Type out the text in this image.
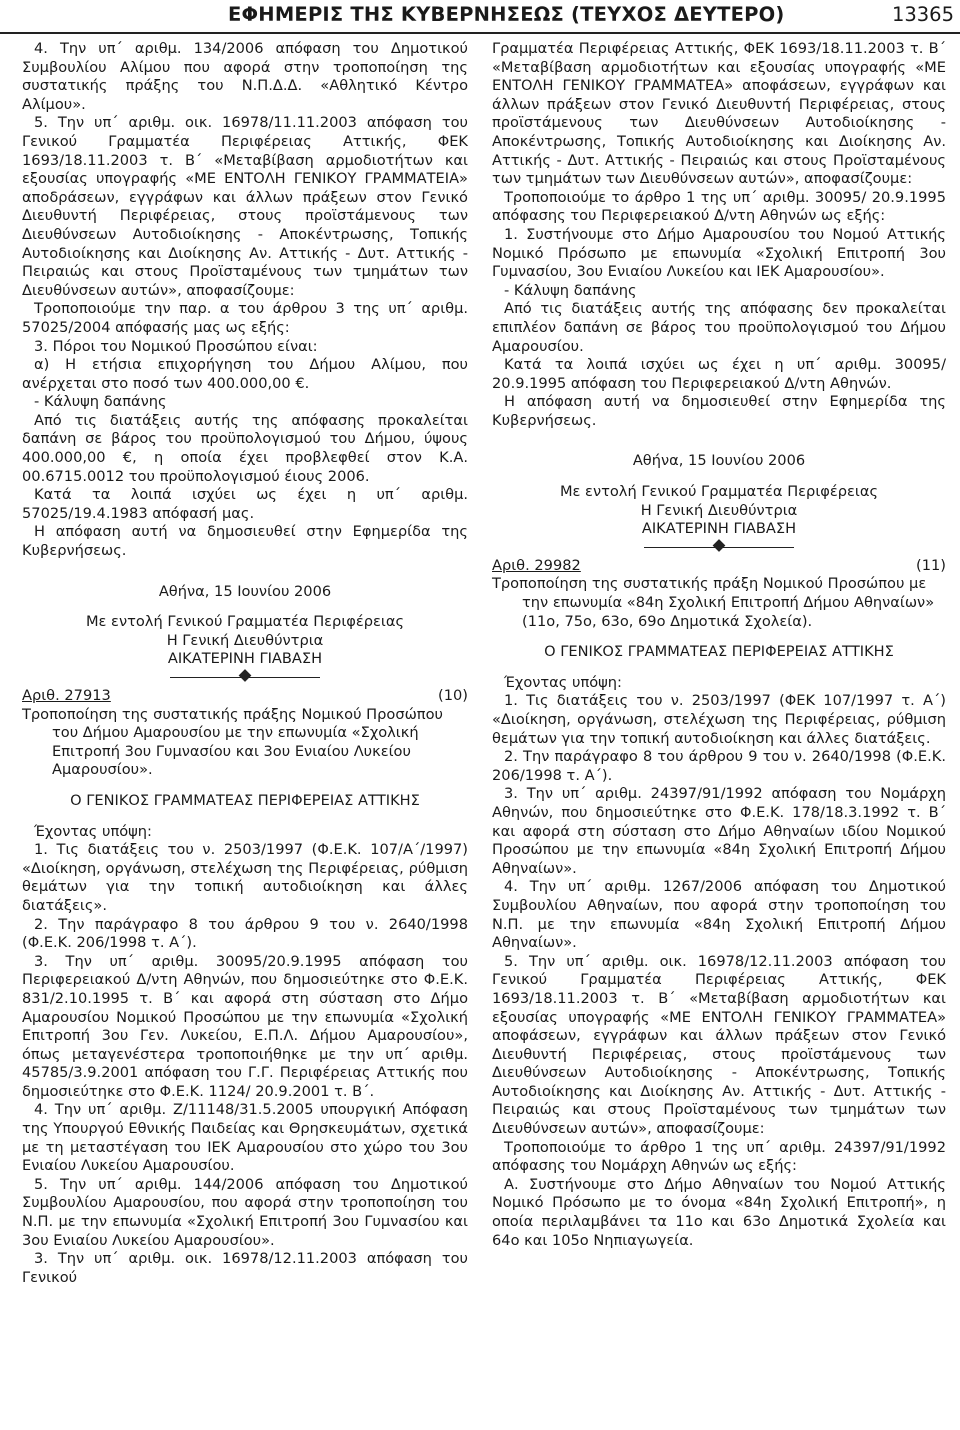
ΕΦΗΜΕΡΙΣ ΤΗΣ ΚΥΒΕΡΝΗΣΕΩΣ (ΤΕΥΧΟΣ ΔΕΥΤΕΡΟ)	13365

4. Την υπ΄ αριθμ. 134/2006 απόφαση του Δημοτικού Συμβουλίου Αλίμου που αφορά στην τροποποίηση της συστατικής πράξης του Ν.Π.Δ.Δ. «Αθλητικό Κέντρο Αλίμου».

5. Την υπ΄ αριθμ. οικ. 16978/11.11.2003 απόφαση του Γενικού Γραμματέα Περιφέρειας Αττικής, ΦΕΚ 1693/18.11.2003 τ. Β΄ «Μεταβίβαση αρμοδιοτήτων και εξουσίας υπογραφής «ΜΕ ΕΝΤΟΛΗ ΓΕΝΙΚΟΥ ΓΡΑΜΜΑΤΕΙΑ» αποδράσεων, εγγράφων και άλλων πράξεων στον Γενικό Διευθυντή Περιφέρειας, στους προϊστάμενους των Διευθύνσεων Αυτοδιοίκησης - Αποκέντρωσης, Τοπικής Αυτοδιοίκησης και Διοίκησης Αν. Αττικής - Δυτ. Αττικής - Πειραιώς και στους Προϊσταμένους των τμημάτων των Διευθύνσεων αυτών», αποφασίζουμε:

Τροποποιούμε την παρ. α του άρθρου 3 της υπ΄ αριθμ. 57025/2004 απόφασής μας ως εξής:

3. Πόροι του Νομικού Προσώπου είναι:

α) Η ετήσια επιχορήγηση του Δήμου Αλίμου, που ανέρχεται στο ποσό των 400.000,00 €.

- Κάλυψη δαπάνης

Από τις διατάξεις αυτής της απόφασης προκαλείται δαπάνη σε βάρος του προϋπολογισμού του Δήμου, ύψους 400.000,00 €, η οποία έχει προβλεφθεί στον Κ.Α. 00.6715.0012 του προϋπολογισμού έιους 2006.

Κατά τα λοιπά ισχύει ως έχει η υπ΄ αριθμ. 57025/19.4.1983 απόφασή μας.

Η απόφαση αυτή να δημοσιευθεί στην Εφημερίδα της Κυβερνήσεως.

Αθήνα, 15 Ιουνίου 2006

Με εντολή Γενικού Γραμματέα Περιφέρειας

Η Γενική Διευθύντρια

ΑΙΚΑΤΕΡΙΝΗ ΓΙΑΒΑΣΗ

Αριθ. 27913	(10)

Τροποποίηση της συστατικής πράξης Νομικού Προσώπου του Δήμου Αμαρουσίου με την επωνυμία «Σχολική Επιτροπή 3ου Γυμνασίου και 3ου Ενιαίου Λυκείου Αμαρουσίου».

Ο ΓΕΝΙΚΟΣ ΓΡΑΜΜΑΤΕΑΣ ΠΕΡΙΦΕΡΕΙΑΣ ΑΤΤΙΚΗΣ

Έχοντας υπόψη:

1. Τις διατάξεις του ν. 2503/1997 (Φ.Ε.Κ. 107/Α΄/1997) «Διοίκηση, οργάνωση, στελέχωση της Περιφέρειας, ρύθμιση θεμάτων για την τοπική αυτοδιοίκηση και άλλες διατάξεις».

2. Την παράγραφο 8 του άρθρου 9 του ν. 2640/1998 (Φ.Ε.Κ. 206/1998 τ. Α΄).

3. Την υπ΄ αριθμ. 30095/20.9.1995 απόφαση του Περιφερειακού Δ/ντη Αθηνών, που δημοσιεύτηκε στο Φ.Ε.Κ. 831/2.10.1995 τ. Β΄ και αφορά στη σύσταση στο Δήμο Αμαρουσίου Νομικού Προσώπου με την επωνυμία «Σχολική Επιτροπή 3ου Γεν. Λυκείου, Ε.Π.Λ. Δήμου Αμαρουσίου», όπως μεταγενέστερα τροποποιήθηκε με την υπ΄ αριθμ. 45785/3.9.2001 απόφαση του Γ.Γ. Περιφέρειας Αττικής που δημοσιεύτηκε στο Φ.Ε.Κ. 1124/ 20.9.2001 τ. Β΄.

4. Την υπ΄ αριθμ. Ζ/11148/31.5.2005 υπουργική Απόφαση της Υπουργού Εθνικής Παιδείας και Θρησκευμάτων, σχετικά με τη μεταστέγαση του ΙΕΚ Αμαρουσίου στο χώρο του 3ου Ενιαίου Λυκείου Αμαρουσίου.

5. Την υπ΄ αριθμ. 144/2006 απόφαση του Δημοτικού Συμβουλίου Αμαρουσίου, που αφορά στην τροποποίηση του Ν.Π. με την επωνυμία «Σχολική Επιτροπή 3ου Γυμνασίου και 3ου Ενιαίου Λυκείου Αμαρουσίου».

3. Την υπ΄ αριθμ. οικ. 16978/12.11.2003 απόφαση του Γενικού

Γραμματέα Περιφέρειας Αττικής, ΦΕΚ 1693/18.11.2003 τ. Β΄ «Μεταβίβαση αρμοδιοτήτων και εξουσίας υπογραφής «ΜΕ ΕΝΤΟΛΗ ΓΕΝΙΚΟΥ ΓΡΑΜΜΑΤΕΑ» αποφάσεων, εγγράφων και άλλων πράξεων στον Γενικό Διευθυντή Περιφέρειας, στους προϊστάμενους των Διευθύνσεων Αυτοδιοίκησης - Αποκέντρωσης, Τοπικής Αυτοδιοίκησης και Διοίκησης Αν. Αττικής - Δυτ. Αττικής - Πειραιώς και στους Προϊσταμένους των τμημάτων των Διευθύνσεων αυτών», αποφασίζουμε:

Τροποποιούμε το άρθρο 1 της υπ΄ αριθμ. 30095/ 20.9.1995 απόφασης του Περιφερειακού Δ/ντη Αθηνών ως εξής:

1. Συστήνουμε στο Δήμο Αμαρουσίου του Νομού Αττικής Νομικό Πρόσωπο με επωνυμία «Σχολική Επιτροπή 3ου Γυμνασίου, 3ου Ενιαίου Λυκείου και ΙΕΚ Αμαρουσίου».

- Κάλυψη δαπάνης

Από τις διατάξεις αυτής της απόφασης δεν προκαλείται επιπλέον δαπάνη σε βάρος του προϋπολογισμού του Δήμου Αμαρουσίου.

Κατά τα λοιπά ισχύει ως έχει η υπ΄ αριθμ. 30095/ 20.9.1995 απόφαση του Περιφερειακού Δ/ντη Αθηνών.

Η απόφαση αυτή να δημοσιευθεί στην Εφημερίδα της Κυβερνήσεως.

Αθήνα, 15 Ιουνίου 2006

Με εντολή Γενικού Γραμματέα Περιφέρειας

Η Γενική Διευθύντρια

ΑΙΚΑΤΕΡΙΝΗ ΓΙΑΒΑΣΗ

Αριθ. 29982	(11)

Τροποποίηση της συστατικής πράξη Νομικού Προσώπου με την επωνυμία «84η Σχολική Επιτροπή Δήμου Αθηναίων» (11ο, 75ο, 63ο, 69ο Δημοτικά Σχολεία).

Ο ΓΕΝΙΚΟΣ ΓΡΑΜΜΑΤΕΑΣ ΠΕΡΙΦΕΡΕΙΑΣ ΑΤΤΙΚΗΣ

Έχοντας υπόψη:

1. Τις διατάξεις του ν. 2503/1997 (ΦΕΚ 107/1997 τ. Α΄) «Διοίκηση, οργάνωση, στελέχωση της Περιφέρειας, ρύθμιση θεμάτων για την τοπική αυτοδιοίκηση και άλλες διατάξεις.

2. Την παράγραφο 8 του άρθρου 9 του ν. 2640/1998 (Φ.Ε.Κ. 206/1998 τ. Α΄).

3. Την υπ΄ αριθμ. 24397/91/1992 απόφαση του Νομάρχη Αθηνών, που δημοσιεύτηκε στο Φ.Ε.Κ. 178/18.3.1992 τ. Β΄ και αφορά στη σύσταση στο Δήμο Αθηναίων ιδίου Νομικού Προσώπου με την επωνυμία «84η Σχολική Επιτροπή Δήμου Αθηναίων».

4. Την υπ΄ αριθμ. 1267/2006 απόφαση του Δημοτικού Συμβουλίου Αθηναίων, που αφορά στην τροποποίηση του Ν.Π. με την επωνυμία «84η Σχολική Επιτροπή Δήμου Αθηναίων».

5. Την υπ΄ αριθμ. οικ. 16978/12.11.2003 απόφαση του Γενικού Γραμματέα Περιφέρειας Αττικής, ΦΕΚ 1693/18.11.2003 τ. Β΄ «Μεταβίβαση αρμοδιοτήτων και εξουσίας υπογραφής «ΜΕ ΕΝΤΟΛΗ ΓΕΝΙΚΟΥ ΓΡΑΜΜΑΤΕΑ» αποφάσεων, εγγράφων και άλλων πράξεων στον Γενικό Διευθυντή Περιφέρειας, στους προϊστάμενους των Διευθύνσεων Αυτοδιοίκησης - Αποκέντρωσης, Τοπικής Αυτοδιοίκησης και Διοίκησης Αν. Αττικής - Δυτ. Αττικής - Πειραιώς και στους Προϊσταμένους των τμημάτων των Διευθύνσεων αυτών», αποφασίζουμε:

Τροποποιούμε το άρθρο 1 της υπ΄ αριθμ. 24397/91/1992 απόφασης του Νομάρχη Αθηνών ως εξής:

Α. Συστήνουμε στο Δήμο Αθηναίων του Νομού Αττικής Νομικό Πρόσωπο με το όνομα «84η Σχολική Επιτροπή», η οποία περιλαμβάνει τα 11ο και 63ο Δημοτικά Σχολεία και 64ο και 105ο Νηπιαγωγεία.
